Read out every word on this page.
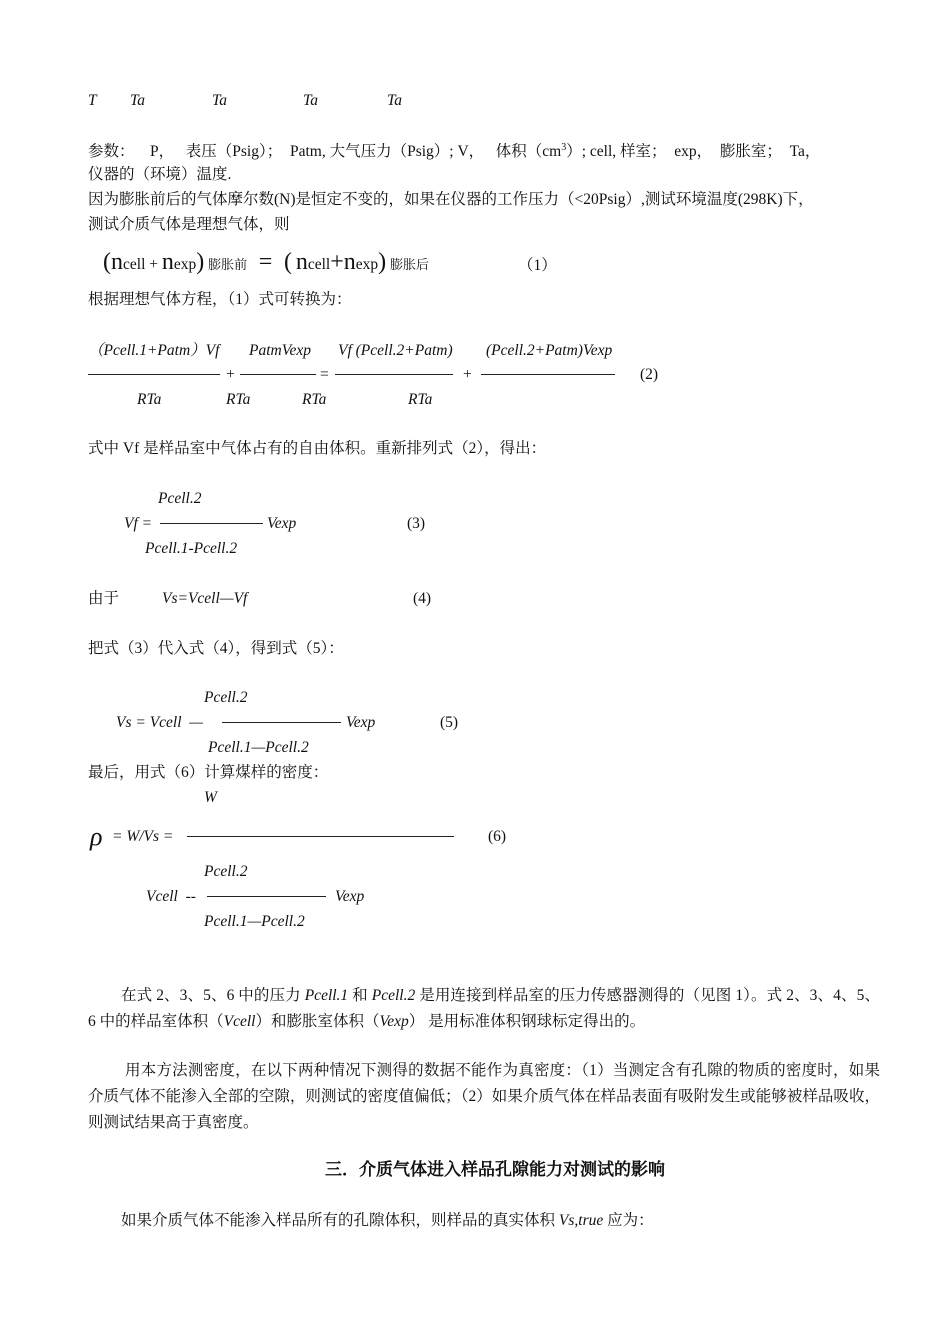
T Ta	Ta	Ta	Ta
参数：    P，   表压（Psig）；  Patm, 大气压力（Psig）; V，   体积$(cm^3)$; cell, 样室；  exp，  膨胀室；  Ta，
仪器的（环境）温度.
因为膨胀前后的气体摩尔数(N)是恒定不变的，如果在仪器的工作压力（<20Psig）,测试环境温度(298K)下，
测试介质气体是理想气体，则
(ncell + nexp) 膨胀前 = ( ncell+nexp) 膨胀后	（1）
根据理想气体方程，（1）式可转换为：
（Pcell.1+Patm）Vf PatmVexp Vf (Pcell.2+Patm) (Pcell.2+Patm)Vexp
+	=	+	(2)
RTa	RTa	RTa	RTa
式中 Vf 是样品室中气体占有的自由体积。重新排列式（2），得出：
Pcell.2
Vf =	Vexp	(3)
Pcell.1-Pcell.2
由于	Vs=Vcell—Vf	(4)
把式（3）代入式（4），得到式（5）：
Pcell.2
Vs = Vcell  —	Vexp	(5)
Pcell.1—Pcell.2
最后，用式（6）计算煤样的密度：
W
ρ = W/Vs =	(6)
Pcell.2
Vcell  --	Vexp
Pcell.1—Pcell.2
在式 2、3、5、6 中的压力 Pcell.1 和 Pcell.2 是用连接到样品室的压力传感器测得的（见图 1）。式 2、3、4、5、6 中的样品室体积（Vcell）和膨胀室体积（Vexp） 是用标准体积钢球标定得出的。
用本方法测密度，在以下两种情况下测得的数据不能作为真密度：（1）当测定含有孔隙的物质的密度时，如果介质气体不能渗入全部的空隙，则测试的密度值偏低；（2）如果介质气体在样品表面有吸附发生或能够被样品吸收，则测试结果高于真密度。
三．介质气体进入样品孔隙能力对测试的影响
如果介质气体不能渗入样品所有的孔隙体积，则样品的真实体积 Vs,true 应为：
